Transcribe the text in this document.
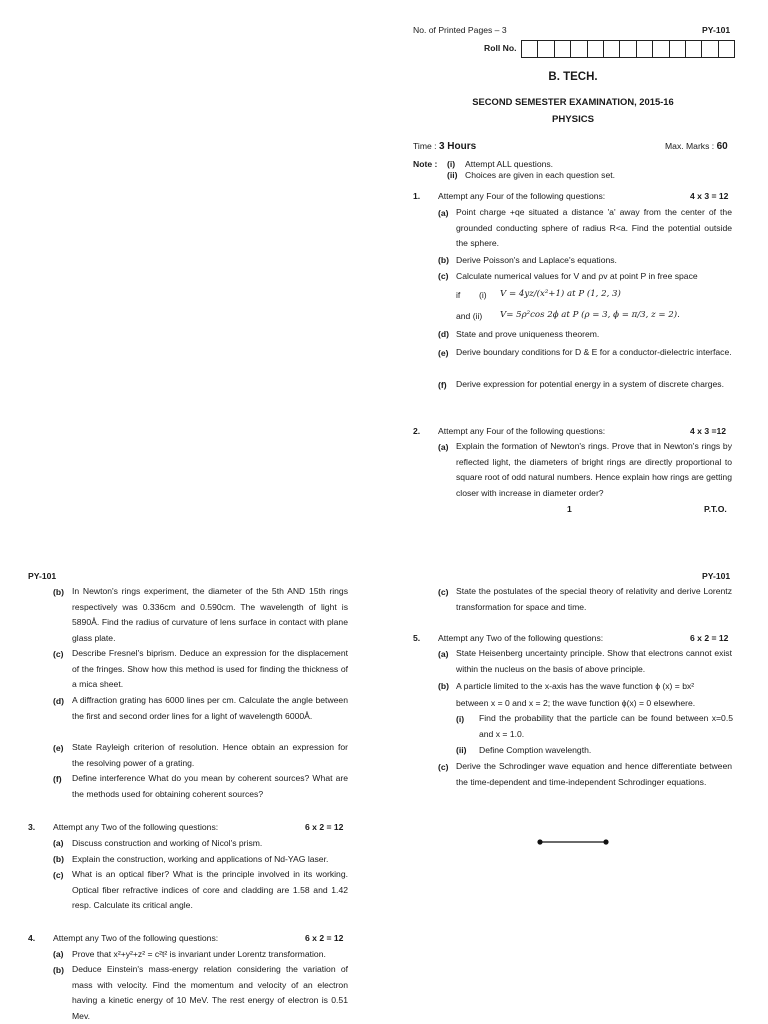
No. of Printed Pages – 3	PY-101
Roll No.
B. TECH.
SECOND SEMESTER EXAMINATION, 2015-16
PHYSICS
Time : 3 Hours	Max. Marks : 60
Note : (i) Attempt ALL questions.
(ii) Choices are given in each question set.
1. Attempt any Four of the following questions:	4 x 3 = 12
(a) Point charge +qe situated a distance 'a' away from the center of the grounded conducting sphere of radius R<a. Find the potential outside the sphere.
(b) Derive Poisson's and Laplace's equations.
(c) Calculate numerical values for V and ρv at point P in free space
if (i) V = 4yz/(x²+1) at P (1, 2, 3)
and (ii) V= 5ρ²cos 2ϕ at P (ρ = 3, ϕ = π/3, z = 2).
(d) State and prove uniqueness theorem.
(e) Derive boundary conditions for D & E for a conductor-dielectric interface.
(f) Derive expression for potential energy in a system of discrete charges.
2. Attempt any Four of the following questions:	4 x 3 =12
(a) Explain the formation of Newton's rings. Prove that in Newton's rings by reflected light, the diameters of bright rings are directly proportional to square root of odd natural numbers. Hence explain how rings are getting closer with increase in diameter order?
1	P.T.O.
PY-101
(b) In Newton's rings experiment, the diameter of the 5th AND 15th rings respectively was 0.336cm and 0.590cm. The wavelength of light is 5890Å. Find the radius of curvature of lens surface in contact with plane glass plate.
(c) Describe Fresnel's biprism. Deduce an expression for the displacement of the fringes. Show how this method is used for finding the thickness of a mica sheet.
(d) A diffraction grating has 6000 lines per cm. Calculate the angle between the first and second order lines for a light of wavelength 6000Å.
(e) State Rayleigh criterion of resolution. Hence obtain an expression for the resolving power of a grating.
(f) Define interference What do you mean by coherent sources? What are the methods used for obtaining coherent sources?
3. Attempt any Two of the following questions:	6 x 2 = 12
(a) Discuss construction and working of Nicol's prism.
(b) Explain the construction, working and applications of Nd-YAG laser.
(c) What is an optical fiber? What is the principle involved in its working. Optical fiber refractive indices of core and cladding are 1.58 and 1.42 resp. Calculate its critical angle.
4. Attempt any Two of the following questions:	6 x 2 = 12
(a) Prove that x²+y²+z² = c²t² is invariant under Lorentz transformation.
(b) Deduce Einstein's mass-energy relation considering the variation of mass with velocity. Find the momentum and velocity of an electron having a kinetic energy of 10 MeV. The rest energy of electron is 0.51 Mev.
PY-101
(c) State the postulates of the special theory of relativity and derive Lorentz transformation for space and time.
5. Attempt any Two of the following questions:	6 x 2 = 12
(a) State Heisenberg uncertainty principle. Show that electrons cannot exist within the nucleus on the basis of above principle.
(b) A particle limited to the x-axis has the wave function ϕ (x) = bx²
between x = 0 and x = 2; the wave function ϕ(x) = 0 elsewhere.
(i) Find the probability that the particle can be found between x=0.5 and x = 1.0.
(ii) Define Comption wavelength.
(c) Derive the Schrodinger wave equation and hence differentiate between the time-dependent and time-independent Schrodinger equations.
